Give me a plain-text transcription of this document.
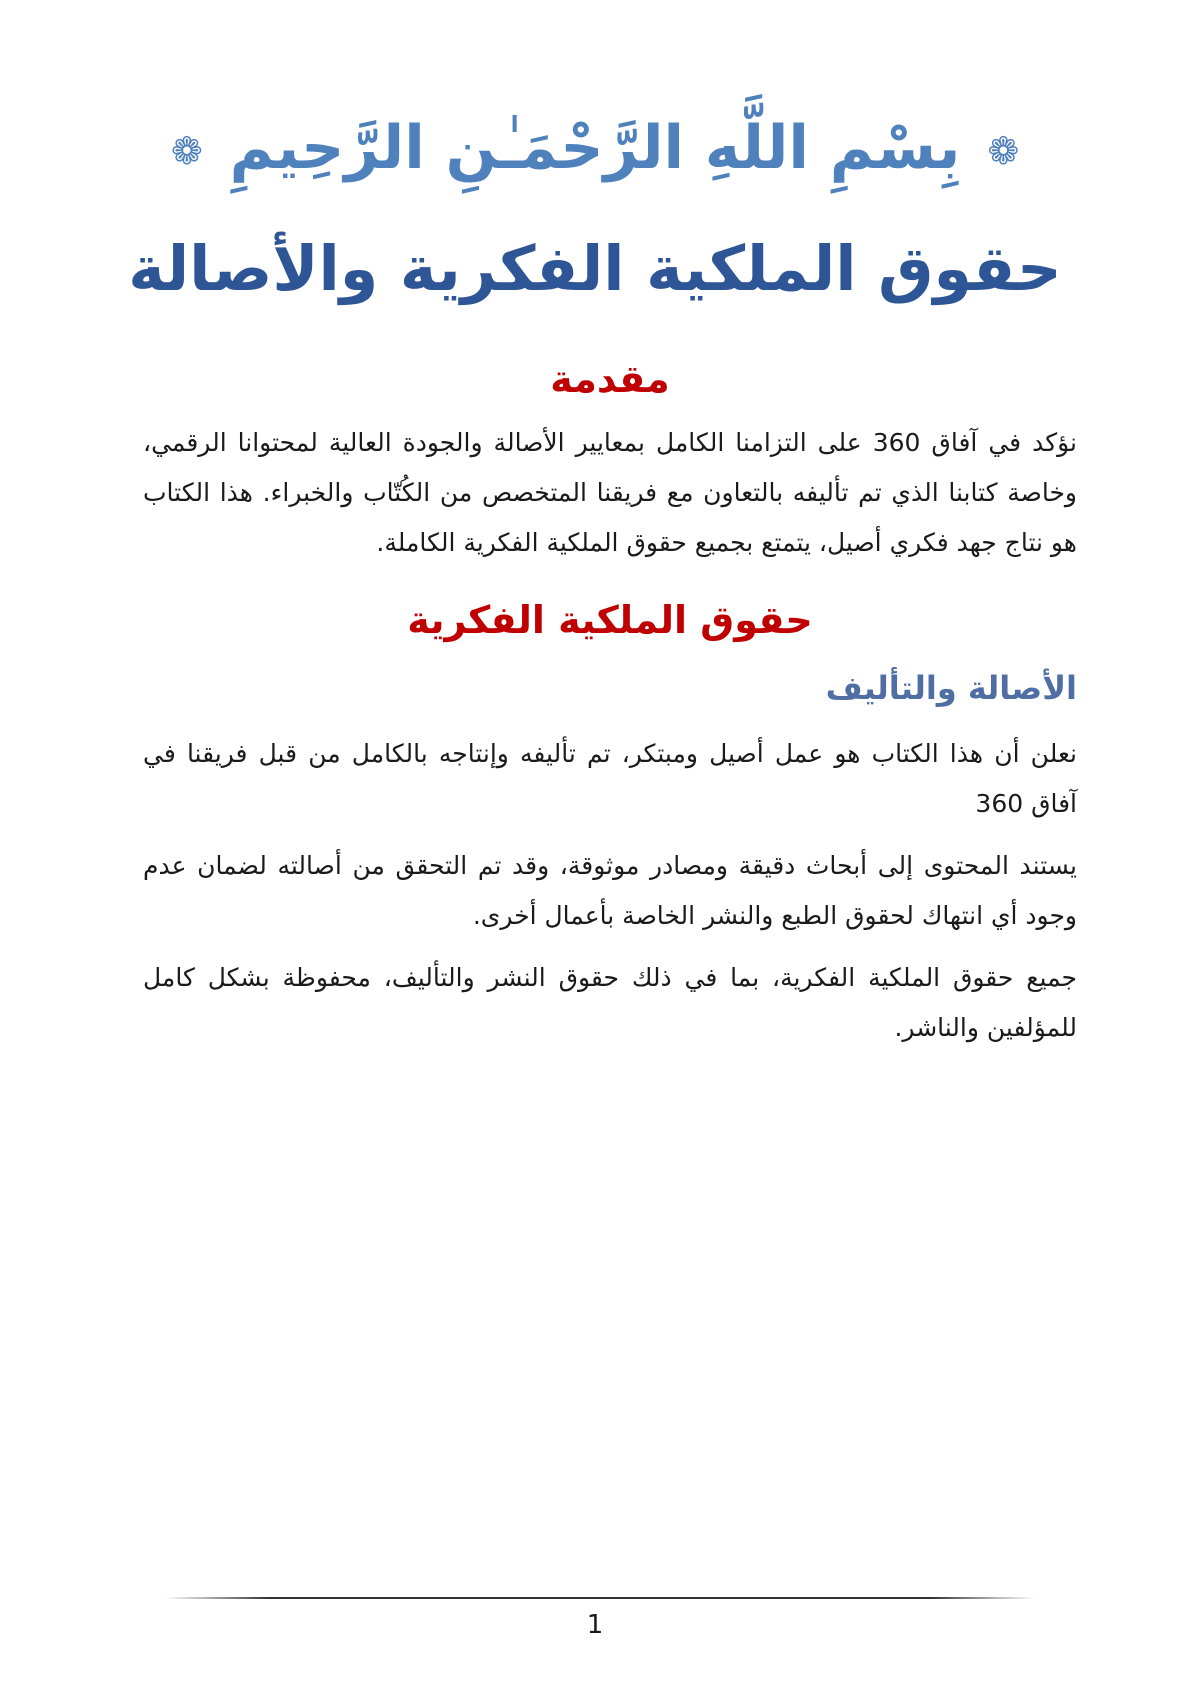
❁ بِسْمِ اللَّهِ الرَّحْمَـٰنِ الرَّحِيمِ ❁
حقوق الملكية الفكرية والأصالة
مقدمة

نؤكد في آفاق 360 على التزامنا الكامل بمعايير الأصالة والجودة العالية لمحتوانا الرقمي، وخاصة كتابنا الذي تم تأليفه بالتعاون مع فريقنا المتخصص من الكُتّاب والخبراء. هذا الكتاب هو نتاج جهد فكري أصيل، يتمتع بجميع حقوق الملكية الفكرية الكاملة.

حقوق الملكية الفكرية
الأصالة والتأليف

نعلن أن هذا الكتاب هو عمل أصيل ومبتكر، تم تأليفه وإنتاجه بالكامل من قبل فريقنا في آفاق 360

يستند المحتوى إلى أبحاث دقيقة ومصادر موثوقة، وقد تم التحقق من أصالته لضمان عدم وجود أي انتهاك لحقوق الطبع والنشر الخاصة بأعمال أخرى.

جميع حقوق الملكية الفكرية، بما في ذلك حقوق النشر والتأليف، محفوظة بشكل كامل للمؤلفين والناشر.

1
